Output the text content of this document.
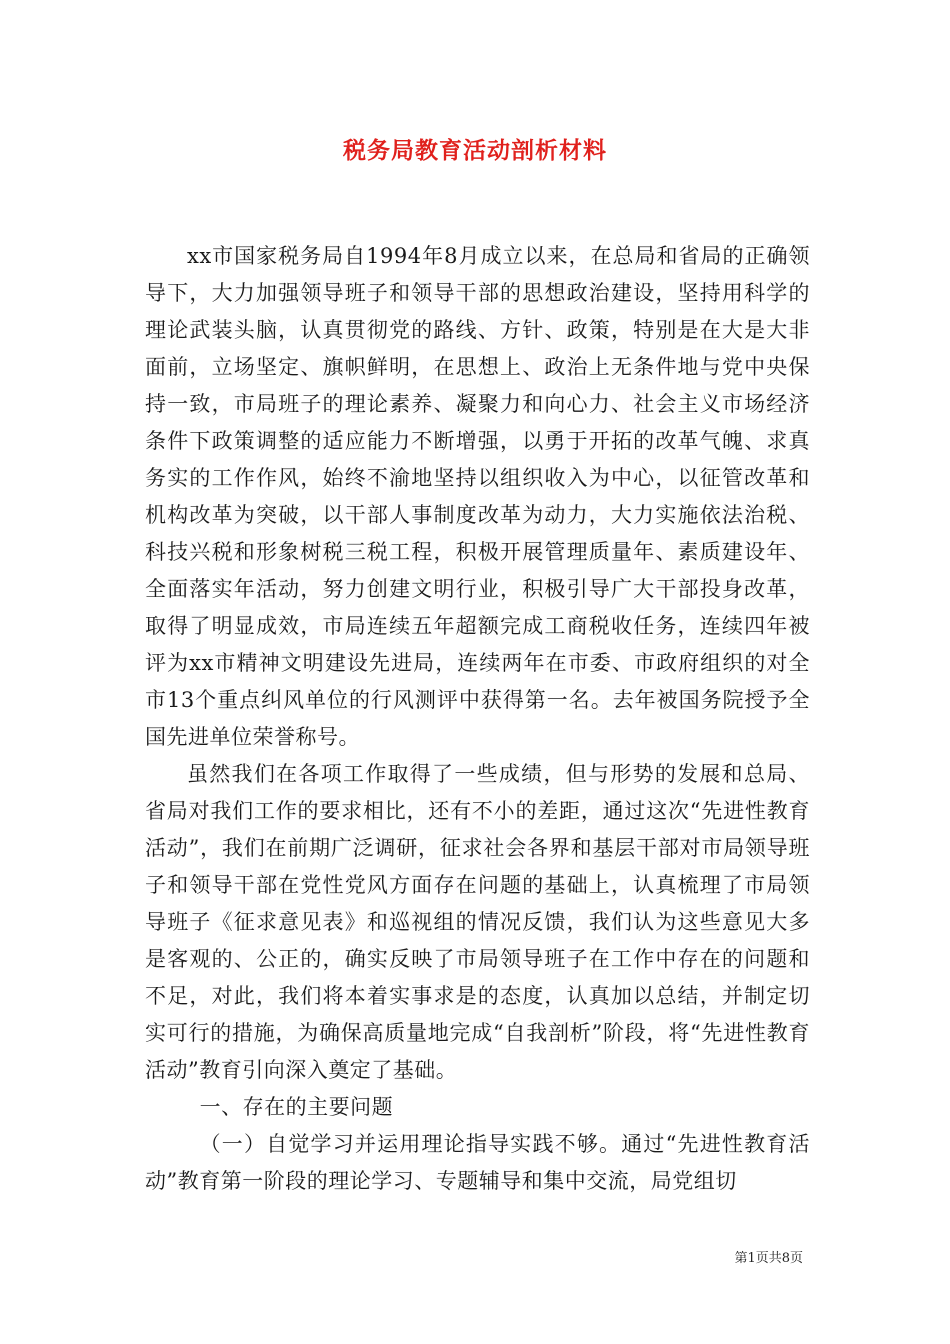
税务局教育活动剖析材料

xx市国家税务局自1994年8月成立以来，在总局和省局的正确领导下，大力加强领导班子和领导干部的思想政治建设，坚持用科学的理论武装头脑，认真贯彻党的路线、方针、政策，特别是在大是大非面前，立场坚定、旗帜鲜明，在思想上、政治上无条件地与党中央保持一致，市局班子的理论素养、凝聚力和向心力、社会主义市场经济条件下政策调整的适应能力不断增强，以勇于开拓的改革气魄、求真务实的工作作风，始终不渝地坚持以组织收入为中心，以征管改革和机构改革为突破，以干部人事制度改革为动力，大力实施依法治税、科技兴税和形象树税三税工程，积极开展管理质量年、素质建设年、全面落实年活动，努力创建文明行业，积极引导广大干部投身改革，取得了明显成效，市局连续五年超额完成工商税收任务，连续四年被评为xx市精神文明建设先进局，连续两年在市委、市政府组织的对全市13个重点纠风单位的行风测评中获得第一名。去年被国务院授予全国先进单位荣誉称号。

虽然我们在各项工作取得了一些成绩，但与形势的发展和总局、省局对我们工作的要求相比，还有不小的差距，通过这次“先进性教育活动”，我们在前期广泛调研，征求社会各界和基层干部对市局领导班子和领导干部在党性党风方面存在问题的基础上，认真梳理了市局领导班子《征求意见表》和巡视组的情况反馈，我们认为这些意见大多是客观的、公正的，确实反映了市局领导班子在工作中存在的问题和不足，对此，我们将本着实事求是的态度，认真加以总结，并制定切实可行的措施，为确保高质量地完成“自我剖析”阶段，将“先进性教育活动”教育引向深入奠定了基础。

一、存在的主要问题

（一）自觉学习并运用理论指导实践不够。通过“先进性教育活动”教育第一阶段的理论学习、专题辅导和集中交流，局党组切

第1页共8页
